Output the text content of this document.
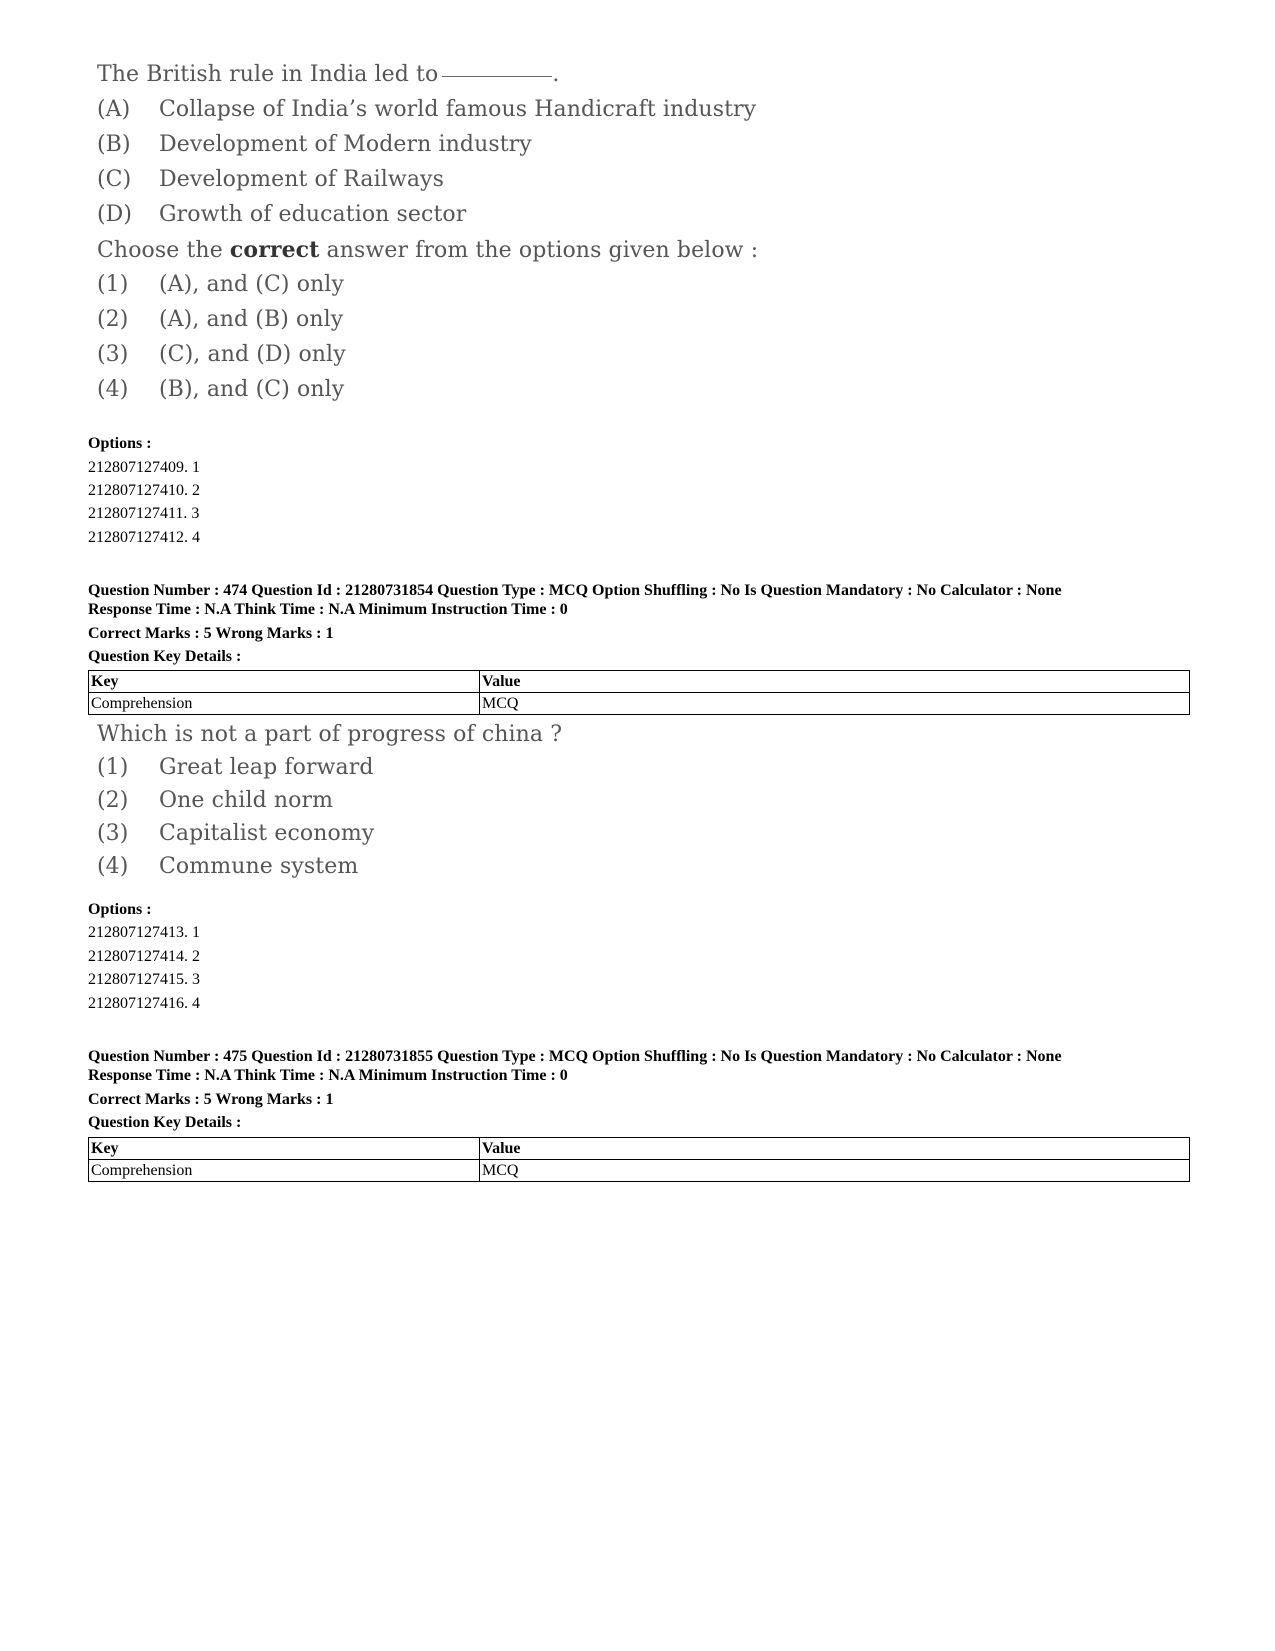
The British rule in India led to	.
(A) Collapse of India’s world famous Handicraft industry
(B) Development of Modern industry
(C) Development of Railways
(D) Growth of education sector
Choose the correct answer from the options given below :
(1) (A), and (C) only
(2) (A), and (B) only
(3) (C), and (D) only
(4) (B), and (C) only
Options :
212807127409. 1
212807127410. 2
212807127411. 3
212807127412. 4
Question Number : 474 Question Id : 21280731854 Question Type : MCQ Option Shuffling : No Is Question Mandatory : No Calculator : None
Response Time : N.A Think Time : N.A Minimum Instruction Time : 0
Correct Marks : 5 Wrong Marks : 1
Question Key Details :
Key	Value
Comprehension	MCQ
Which is not a part of progress of china ?
(1) Great leap forward
(2) One child norm
(3) Capitalist economy
(4) Commune system
Options :
212807127413. 1
212807127414. 2
212807127415. 3
212807127416. 4
Question Number : 475 Question Id : 21280731855 Question Type : MCQ Option Shuffling : No Is Question Mandatory : No Calculator : None
Response Time : N.A Think Time : N.A Minimum Instruction Time : 0
Correct Marks : 5 Wrong Marks : 1
Question Key Details :
Key	Value
Comprehension	MCQ
